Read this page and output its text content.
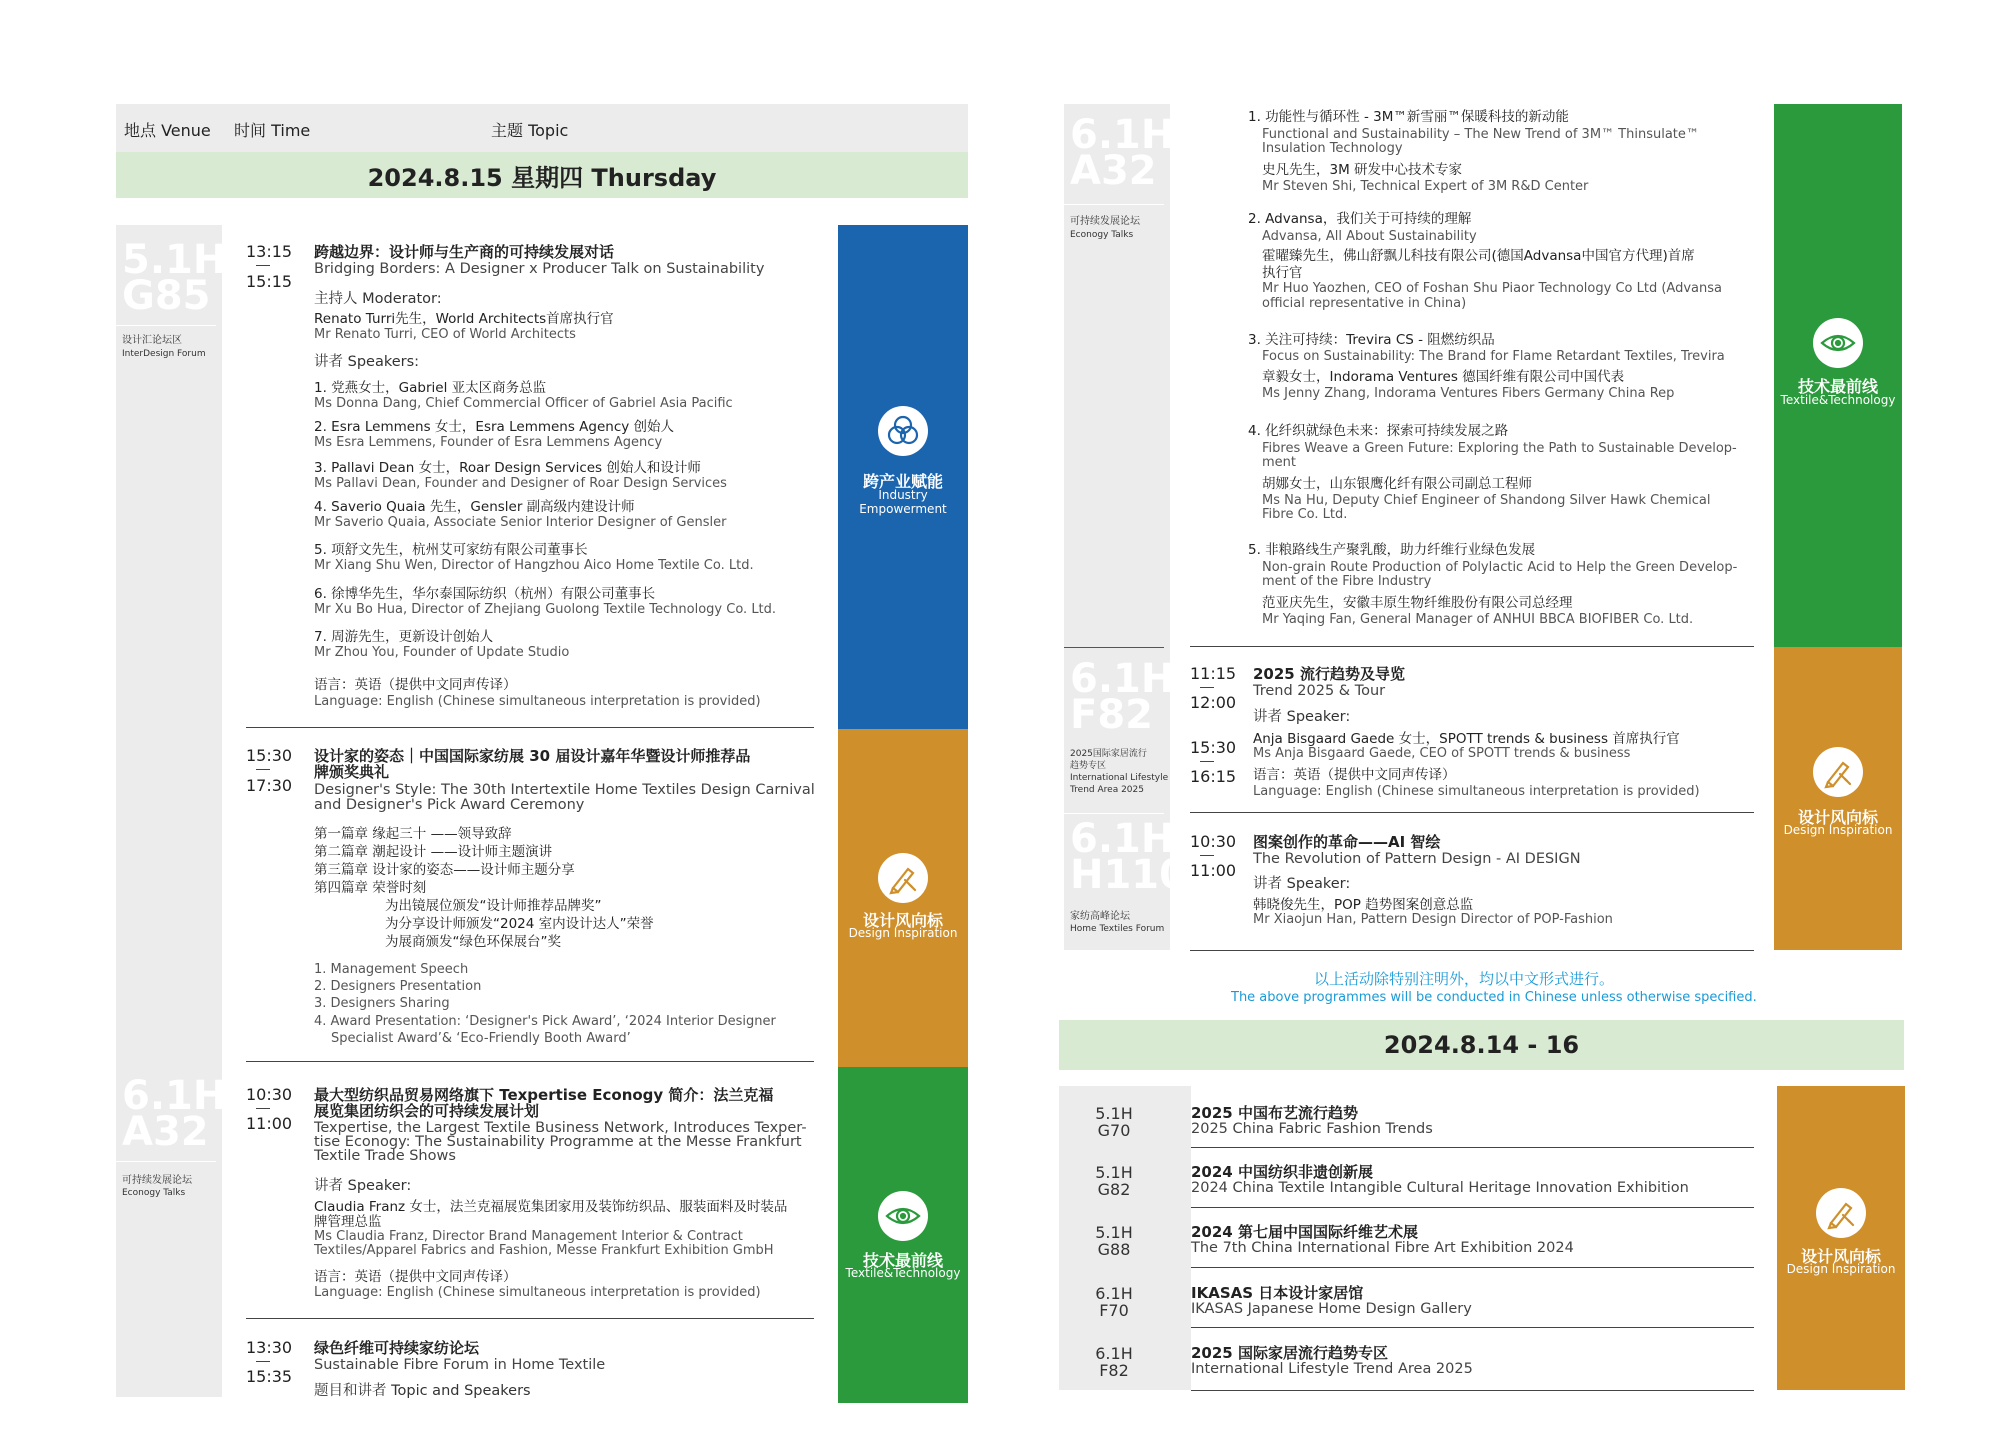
地点 Venue 时间 Time	主题 Topic
2024.8.15 星期四 Thursday
5.1H
G85
设计汇论坛区
InterDesign Forum
6.1H
A32
可持续发展论坛
Econogy Talks
13:15
15:15
跨越边界：设计师与生产商的可持续发展对话
Bridging Borders: A Designer x Producer Talk on Sustainability
主持人 Moderator:
Renato Turri先生，World Architects首席执行官
Mr Renato Turri, CEO of World Architects
讲者 Speakers:
1. 党燕女士，Gabriel 亚太区商务总监
Ms Donna Dang, Chief Commercial Officer of Gabriel Asia Pacific
2. Esra Lemmens 女士，Esra Lemmens Agency 创始人
Ms Esra Lemmens, Founder of Esra Lemmens Agency
3. Pallavi Dean 女士，Roar Design Services 创始人和设计师
Ms Pallavi Dean, Founder and Designer of Roar Design Services
4. Saverio Quaia 先生，Gensler 副高级内建设计师
Mr Saverio Quaia, Associate Senior Interior Designer of Gensler
5. 项舒文先生，杭州艾可家纺有限公司董事长
Mr Xiang Shu Wen, Director of Hangzhou Aico Home Textile Co. Ltd.
6. 徐博华先生，华尔泰国际纺织（杭州）有限公司董事长
Mr Xu Bo Hua, Director of Zhejiang Guolong Textile Technology Co. Ltd.
7. 周游先生，更新设计创始人
Mr Zhou You, Founder of Update Studio
语言：英语（提供中文同声传译）
Language: English (Chinese simultaneous interpretation is provided)
15:30
17:30
设计家的姿态｜中国国际家纺展 30 届设计嘉年华暨设计师推荐品
牌颁奖典礼
Designer's Style: The 30th Intertextile Home Textiles Design Carnival
and Designer's Pick Award Ceremony
第一篇章 缘起三十 ——领导致辞
第二篇章 潮起设计 ——设计师主题演讲
第三篇章 设计家的姿态——设计师主题分享
第四篇章 荣誉时刻
为出镜展位颁发“设计师推荐品牌奖”
为分享设计师颁发“2024 室内设计达人”荣誉
为展商颁发“绿色环保展台”奖
1. Management Speech
2. Designers Presentation
3. Designers Sharing
4. Award Presentation: ‘Designer's Pick Award’, ‘2024 Interior Designer
Specialist Award’& ‘Eco-Friendly Booth Award’
10:30
11:00
最大型纺织品贸易网络旗下 Texpertise Econogy 简介：法兰克福
展览集团纺织会的可持续发展计划
Texpertise, the Largest Textile Business Network, Introduces Texper-
tise Econogy: The Sustainability Programme at the Messe Frankfurt
Textile Trade Shows
讲者 Speaker:
Claudia Franz 女士，法兰克福展览集团家用及装饰纺织品、服装面料及时装品
牌管理总监
Ms Claudia Franz, Director Brand Management Interior & Contract
Textiles/Apparel Fabrics and Fashion, Messe Frankfurt Exhibition GmbH
语言：英语（提供中文同声传译）
Language: English (Chinese simultaneous interpretation is provided)
13:30
15:35
绿色纤维可持续家纺论坛
Sustainable Fibre Forum in Home Textile
题目和讲者 Topic and Speakers
跨产业赋能
Industry
Empowerment
设计风向标
Design Inspiration
技术最前线
Textile&Technology
6.1H
A32
可持续发展论坛
Econogy Talks
6.1H
F82
2025国际家居流行
趋势专区
International Lifestyle
Trend Area 2025
6.1H
H110
家纺高峰论坛
Home Textiles Forum
1. 功能性与循环性 - 3M™新雪丽™保暖科技的新动能
Functional and Sustainability – The New Trend of 3M™ Thinsulate™
Insulation Technology
史凡先生，3M 研发中心技术专家
Mr Steven Shi, Technical Expert of 3M R&D Center
2. Advansa，我们关于可持续的理解
Advansa, All About Sustainability
霍曜臻先生，佛山舒飘儿科技有限公司(德国Advansa中国官方代理)首席
执行官
Mr Huo Yaozhen, CEO of Foshan Shu Piaor Technology Co Ltd (Advansa
official representative in China)
3. 关注可持续：Trevira CS - 阻燃纺织品
Focus on Sustainability: The Brand for Flame Retardant Textiles, Trevira
章毅女士，Indorama Ventures 德国纤维有限公司中国代表
Ms Jenny Zhang, Indorama Ventures Fibers Germany China Rep
4. 化纤织就绿色未来：探索可持续发展之路
Fibres Weave a Green Future: Exploring the Path to Sustainable Develop-
ment
胡娜女士，山东银鹰化纤有限公司副总工程师
Ms Na Hu, Deputy Chief Engineer of Shandong Silver Hawk Chemical
Fibre Co. Ltd.
5. 非粮路线生产聚乳酸，助力纤维行业绿色发展
Non-grain Route Production of Polylactic Acid to Help the Green Develop-
ment of the Fibre Industry
范亚庆先生，安徽丰原生物纤维股份有限公司总经理
Mr Yaqing Fan, General Manager of ANHUI BBCA BIOFIBER Co. Ltd.
11:15
12:00
15:30
16:15
2025 流行趋势及导览
Trend 2025 & Tour
讲者 Speaker:
Anja Bisgaard Gaede 女士，SPOTT trends & business 首席执行官
Ms Anja Bisgaard Gaede, CEO of SPOTT trends & business
语言：英语（提供中文同声传译）
Language: English (Chinese simultaneous interpretation is provided)
10:30
11:00
图案创作的革命——AI 智绘
The Revolution of Pattern Design - AI DESIGN
讲者 Speaker:
韩晓俊先生，POP 趋势图案创意总监
Mr Xiaojun Han, Pattern Design Director of POP-Fashion
技术最前线
Textile&Technology
设计风向标
Design Inspiration
以上活动除特别注明外，均以中文形式进行。
The above programmes will be conducted in Chinese unless otherwise specified.
2024.8.14 - 16
5.1H
G70
2025 中国布艺流行趋势
2025 China Fabric Fashion Trends
5.1H
G82
2024 中国纺织非遗创新展
2024 China Textile Intangible Cultural Heritage Innovation Exhibition
5.1H
G88
2024 第七届中国国际纤维艺术展
The 7th China International Fibre Art Exhibition 2024
6.1H
F70
IKASAS 日本设计家居馆
IKASAS Japanese Home Design Gallery
6.1H
F82
2025 国际家居流行趋势专区
International Lifestyle Trend Area 2025
设计风向标
Design Inspiration
